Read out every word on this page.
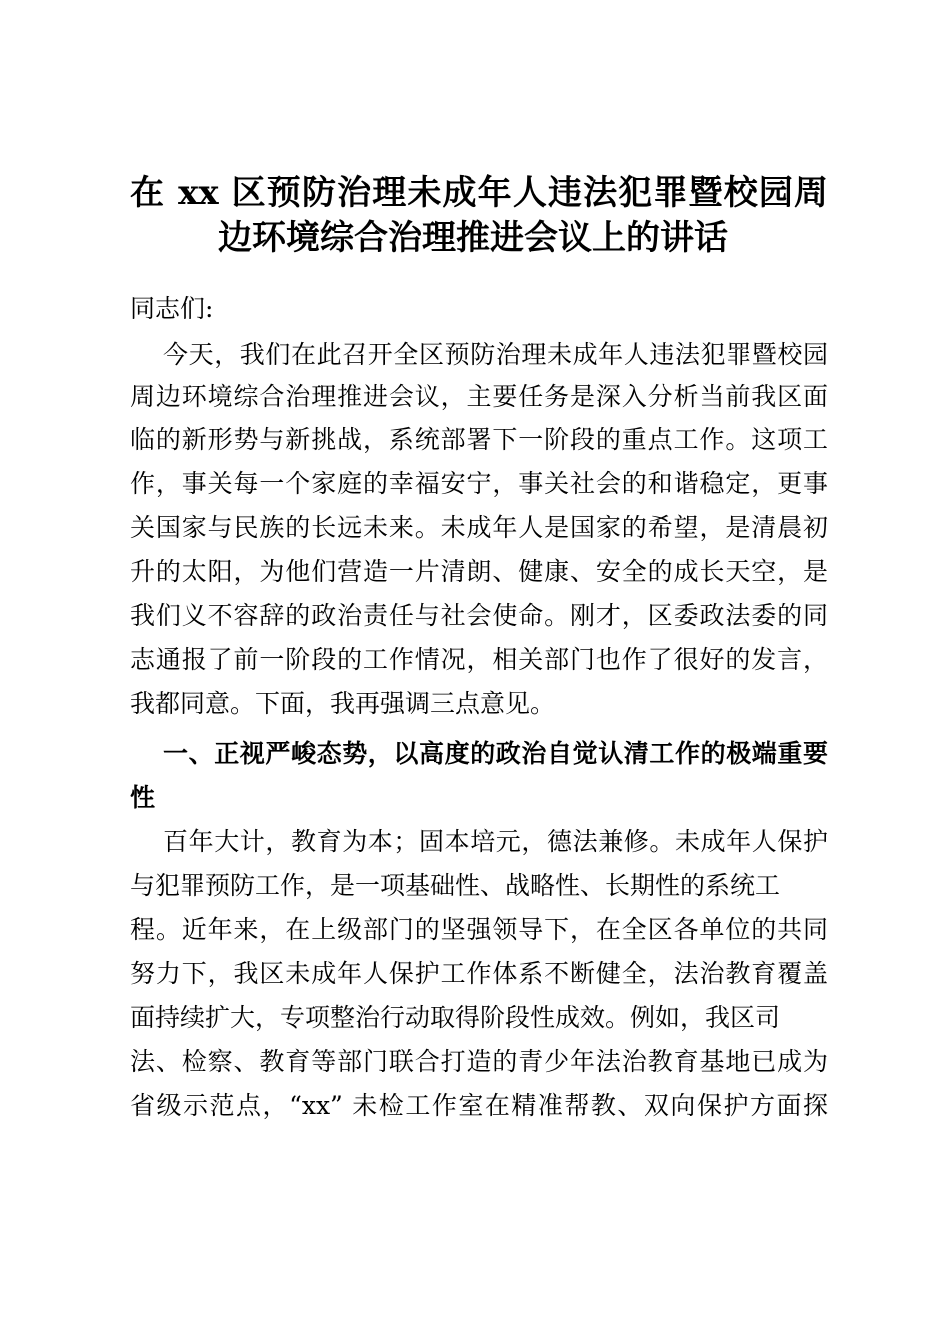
在 xx 区预防治理未成年人违法犯罪暨校园周
边环境综合治理推进会议上的讲话
同志们:
今天，我们在此召开全区预防治理未成年人违法犯罪暨校园
周边环境综合治理推进会议，主要任务是深入分析当前我区面
临的新形势与新挑战，系统部署下一阶段的重点工作。这项工
作，事关每一个家庭的幸福安宁，事关社会的和谐稳定，更事
关国家与民族的长远未来。未成年人是国家的希望，是清晨初
升的太阳，为他们营造一片清朗、健康、安全的成长天空，是
我们义不容辞的政治责任与社会使命。刚才，区委政法委的同
志通报了前一阶段的工作情况，相关部门也作了很好的发言，
我都同意。下面，我再强调三点意见。
一、正视严峻态势，以高度的政治自觉认清工作的极端重要
性
百年大计，教育为本；固本培元，德法兼修。未成年人保护
与犯罪预防工作，是一项基础性、战略性、长期性的系统工
程。近年来，在上级部门的坚强领导下，在全区各单位的共同
努力下，我区未成年人保护工作体系不断健全，法治教育覆盖
面持续扩大，专项整治行动取得阶段性成效。例如，我区司
法、检察、教育等部门联合打造的青少年法治教育基地已成为
省级示范点，“xx” 未检工作室在精准帮教、双向保护方面探
